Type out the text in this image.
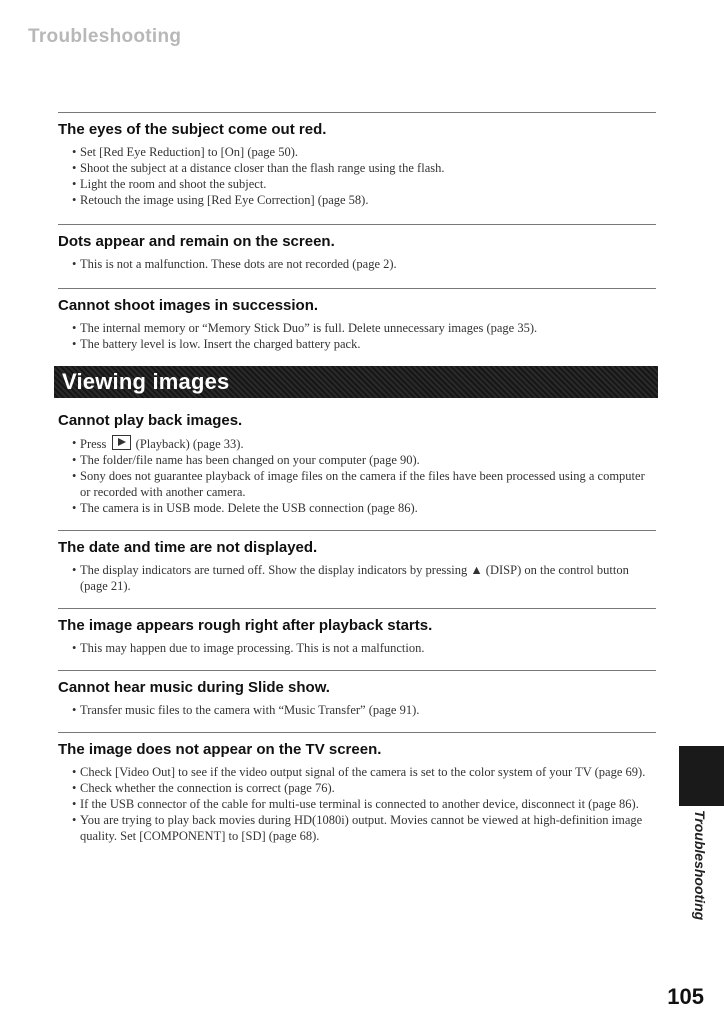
Troubleshooting
The eyes of the subject come out red.
• Set [Red Eye Reduction] to [On] (page 50).
• Shoot the subject at a distance closer than the flash range using the flash.
• Light the room and shoot the subject.
• Retouch the image using [Red Eye Correction] (page 58).
Dots appear and remain on the screen.
• This is not a malfunction. These dots are not recorded (page 2).
Cannot shoot images in succession.
• The internal memory or “Memory Stick Duo” is full. Delete unnecessary images (page 35).
• The battery level is low. Insert the charged battery pack.
Viewing images
Cannot play back images.
• Press (Playback) (page 33).
• The folder/file name has been changed on your computer (page 90).
• Sony does not guarantee playback of image files on the camera if the files have been processed using a computer or recorded with another camera.
• The camera is in USB mode. Delete the USB connection (page 86).
The date and time are not displayed.
• The display indicators are turned off. Show the display indicators by pressing ▲ (DISP) on the control button (page 21).
The image appears rough right after playback starts.
• This may happen due to image processing. This is not a malfunction.
Cannot hear music during Slide show.
• Transfer music files to the camera with “Music Transfer” (page 91).
The image does not appear on the TV screen.
• Check [Video Out] to see if the video output signal of the camera is set to the color system of your TV (page 69).
• Check whether the connection is correct (page 76).
• If the USB connector of the cable for multi-use terminal is connected to another device, disconnect it (page 86).
• You are trying to play back movies during HD(1080i) output. Movies cannot be viewed at high-definition image quality. Set [COMPONENT] to [SD] (page 68).	Troubleshooting
105
